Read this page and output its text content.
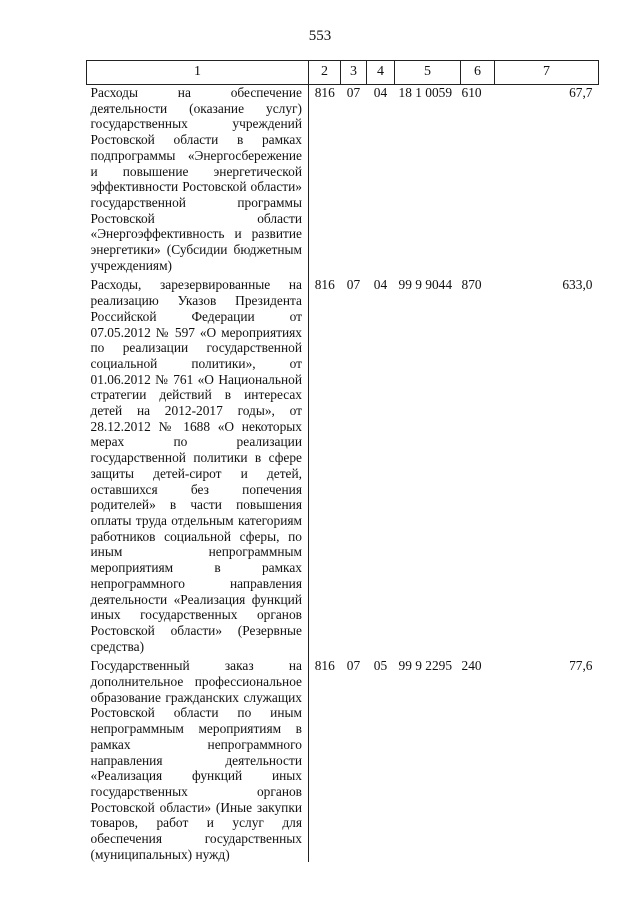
553
1	2	3	4	5	6	7
Расходы на обеспечение деятельности (оказание услуг) государственных учреждений Ростовской области в рамках подпрограммы «Энергосбережение и повышение энергетической эффективности Ростовской области» государственной программы Ростовской области «Энергоэффективность и развитие энергетики» (Субсидии бюджетным учреждениям)	816	07	04	18 1 0059	610	67,7
Расходы, зарезервированные на реализацию Указов Президента Российской Федерации от 07.05.2012 № 597 «О мероприятиях по реализации государственной социальной политики», от 01.06.2012 № 761 «О Национальной стратегии действий в интересах детей на 2012-2017 годы», от 28.12.2012 № 1688 «О некоторых мерах по реализации государственной политики в сфере защиты детей-сирот и детей, оставшихся без попечения родителей» в части повышения оплаты труда отдельным категориям работников социальной сферы, по иным непрограммным мероприятиям в рамках непрограммного направления деятельности «Реализация функций иных государственных органов Ростовской области» (Резервные средства)	816	07	04	99 9 9044	870	633,0
Государственный заказ на дополнительное профессиональное образование гражданских служащих Ростовской области по иным непрограммным мероприятиям в рамках непрограммного направления деятельности «Реализация функций иных государственных органов Ростовской области» (Иные закупки товаров, работ и услуг для обеспечения государственных (муниципальных) нужд)	816	07	05	99 9 2295	240	77,6
